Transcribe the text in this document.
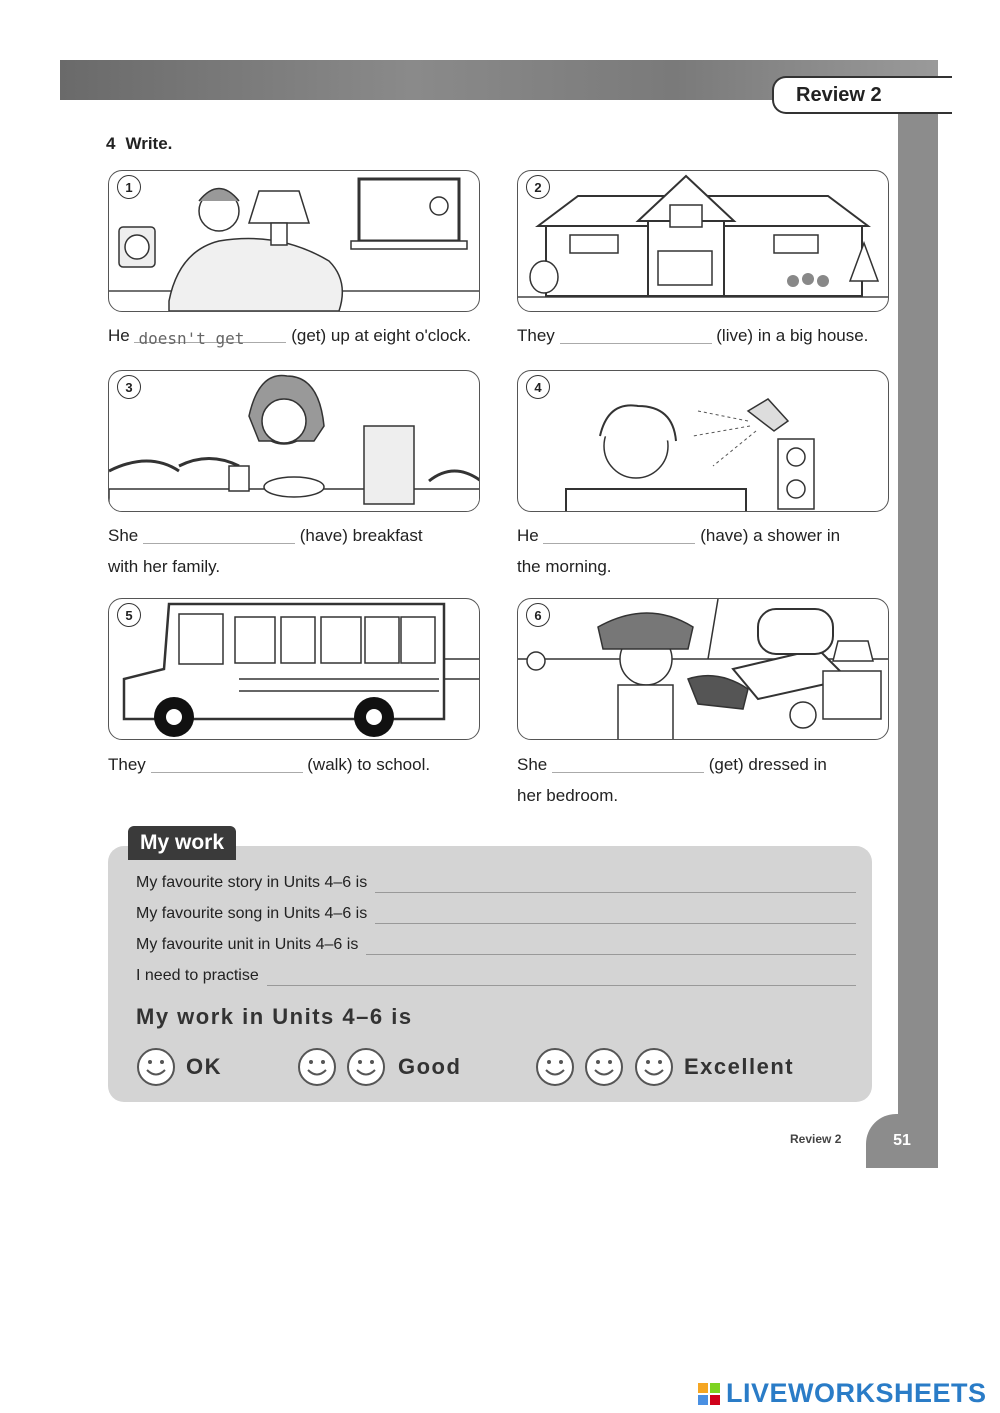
Review 2
4 Write.
1
He doesn't get	(get) up at eight o'clock.
2
They	(live) in a big house.
3
She	(have) breakfast
with her family.
4
He	(have) a shower in
the morning.
5
They	(walk) to school.
6
She	(get) dressed in
her bedroom.
My work
My favourite story in Units 4–6 is
My favourite song in Units 4–6 is
My favourite unit in Units 4–6 is
I need to practise
My work in Units 4–6 is
OK	Good	Excellent
Review 2	51
LIVEWORKSHEETS
